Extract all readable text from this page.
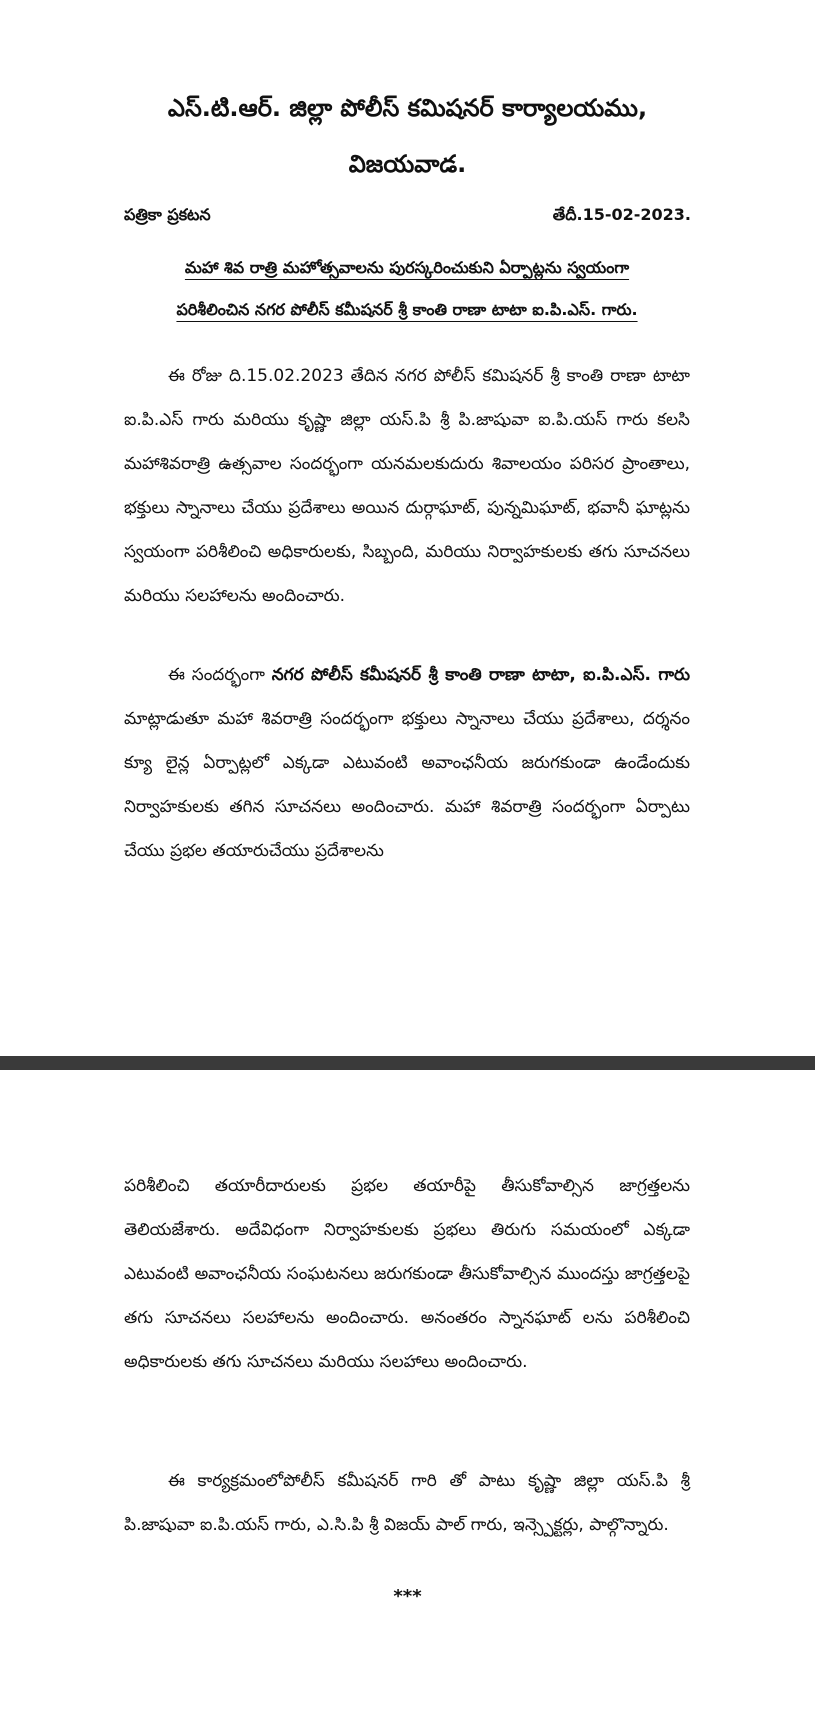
ఎస్.టి.ఆర్. జిల్లా పోలీస్ కమిషనర్ కార్యాలయము,
విజయవాడ.
పత్రికా ప్రకటన	తేదీ.15-02-2023.
మహా శివ రాత్రి మహోత్సవాలను పురస్కరించుకుని ఏర్పాట్లను స్వయంగా
పరిశీలించిన నగర పోలీస్ కమీషనర్ శ్రీ కాంతి రాణా టాటా ఐ.పి.ఎస్. గారు.
ఈ రోజు ది.15.02.2023 తేదిన నగర పోలీస్ కమిషనర్ శ్రీ కాంతి రాణా టాటా ఐ.పి.ఎస్ గారు మరియు కృష్ణా జిల్లా యస్.పి శ్రీ పి.జాషువా ఐ.పి.యస్ గారు కలసి మహాశివరాత్రి ఉత్సవాల సందర్భంగా యనమలకుదురు శివాలయం పరిసర ప్రాంతాలు, భక్తులు స్నానాలు చేయు ప్రదేశాలు అయిన దుర్గాఘాట్, పున్నమిఘాట్, భవానీ ఘాట్లను స్వయంగా పరిశీలించి అధికారులకు, సిబ్బంది, మరియు నిర్వాహకులకు తగు సూచనలు మరియు సలహాలను అందించారు.
ఈ సందర్భంగా నగర పోలీస్ కమీషనర్ శ్రీ కాంతి రాణా టాటా, ఐ.పి.ఎస్. గారు మాట్లాడుతూ మహా శివరాత్రి సందర్భంగా భక్తులు స్నానాలు చేయు ప్రదేశాలు, దర్శనం క్యూ లైన్ల ఏర్పాట్లలో ఎక్కడా ఎటువంటి అవాంఛనీయ జరుగకుండా ఉండేందుకు నిర్వాహకులకు తగిన సూచనలు అందించారు. మహా శివరాత్రి సందర్భంగా ఏర్పాటు చేయు ప్రభల తయారుచేయు ప్రదేశాలను
పరిశీలించి తయారీదారులకు ప్రభల తయారీపై తీసుకోవాల్సిన జాగ్రత్తలను తెలియజేశారు. అదేవిధంగా నిర్వాహకులకు ప్రభలు తిరుగు సమయంలో ఎక్కడా ఎటువంటి అవాంఛనీయ సంఘటనలు జరుగకుండా తీసుకోవాల్సిన ముందస్తు జాగ్రత్తలపై తగు సూచనలు సలహాలను అందించారు. అనంతరం స్నానఘాట్ లను పరిశీలించి అధికారులకు తగు సూచనలు మరియు సలహాలు అందించారు.
ఈ కార్యక్రమంలోపోలీస్ కమీషనర్ గారి తో పాటు కృష్ణా జిల్లా యస్.పి శ్రీ పి.జాషువా ఐ.పి.యస్ గారు, ఎ.సి.పి శ్రీ విజయ్ పాల్ గారు, ఇన్స్పెక్టర్లు, పాల్గొన్నారు.
***
